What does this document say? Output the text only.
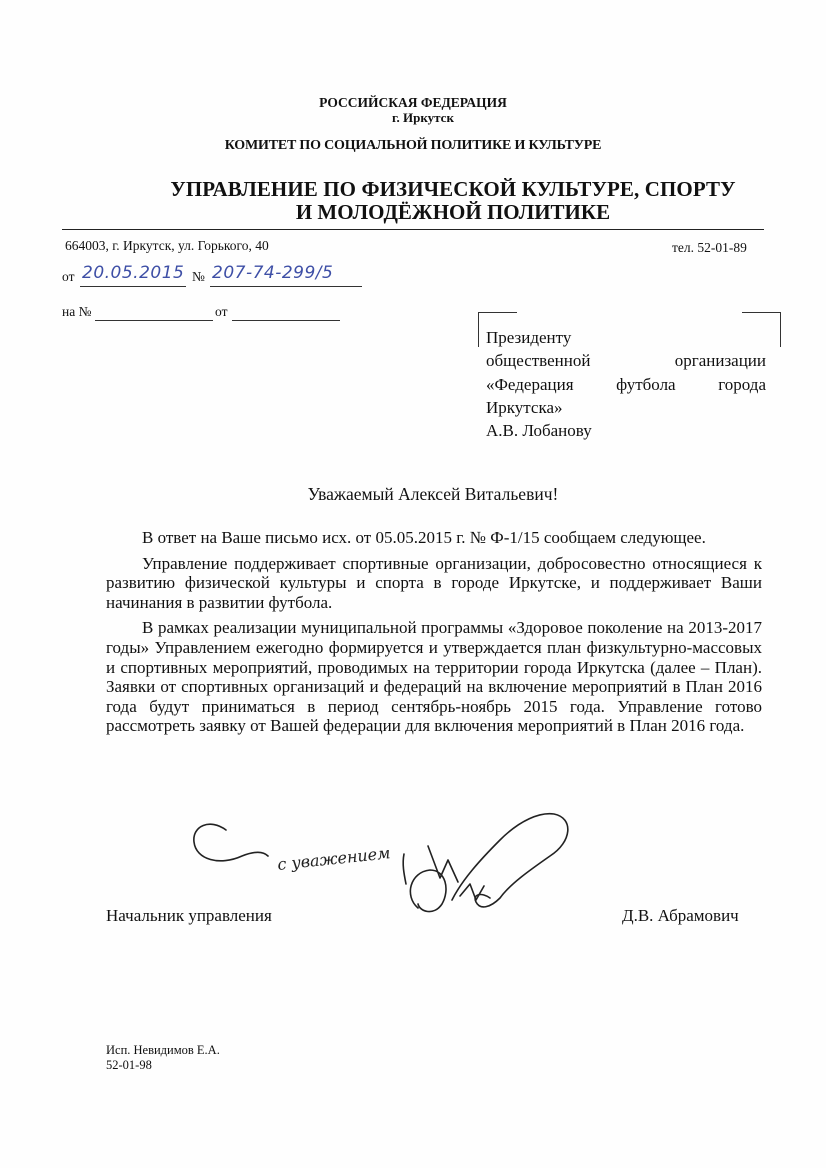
РОССИЙСКАЯ ФЕДЕРАЦИЯ
г. Иркутск
КОМИТЕТ ПО СОЦИАЛЬНОЙ ПОЛИТИКЕ И КУЛЬТУРЕ
УПРАВЛЕНИЕ ПО ФИЗИЧЕСКОЙ КУЛЬТУРЕ, СПОРТУ
И МОЛОДЁЖНОЙ ПОЛИТИКЕ
664003, г. Иркутск, ул. Горького, 40	тел. 52-01-89
от 20.05.2015 № 207-74-299/5
на №	от
Президенту
общественной организации
«Федерация футбола города
Иркутска»
А.В. Лобанову
Уважаемый Алексей Витальевич!

В ответ на Ваше письмо исх. от 05.05.2015 г. № Ф-1/15 сообщаем следующее.

Управление поддерживает спортивные организации, добросовестно относящиеся к развитию физической культуры и спорта в городе Иркутске, и поддерживает Ваши начинания в развитии футбола.

В рамках реализации муниципальной программы «Здоровое поколение на 2013-2017 годы» Управлением ежегодно формируется и утверждается план физкультурно-массовых и спортивных мероприятий, проводимых на территории города Иркутска (далее – План). Заявки от спортивных организаций и федераций на включение мероприятий в План 2016 года будут приниматься в период сентябрь-ноябрь 2015 года. Управление готово рассмотреть заявку от Вашей федерации для включения мероприятий в План 2016 года.

с уважением
Начальник управления	Д.В. Абрамович
Исп. Невидимов Е.А.
52-01-98
